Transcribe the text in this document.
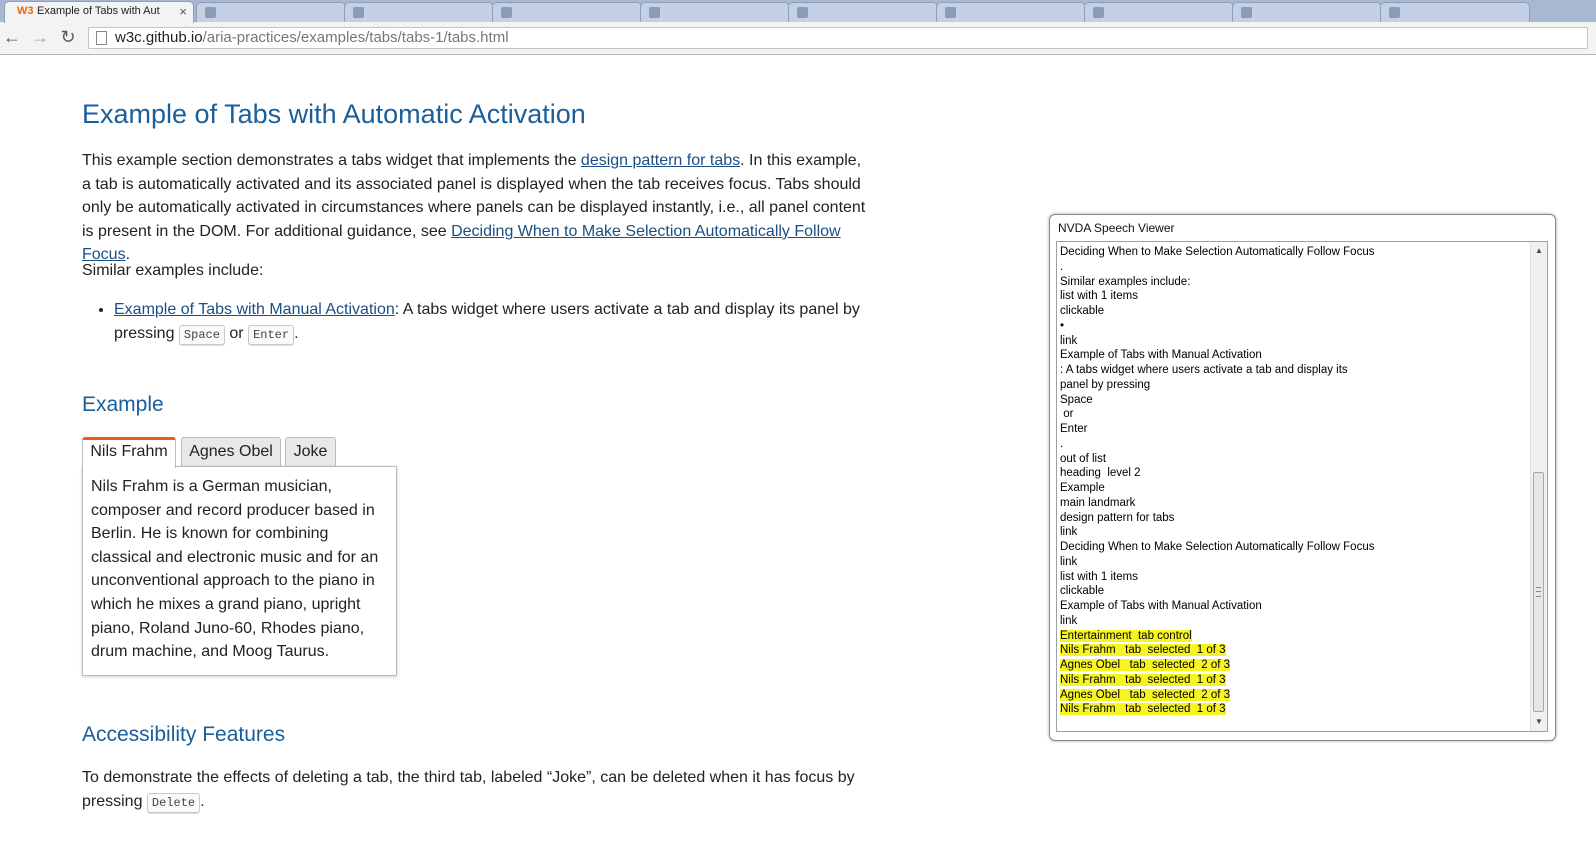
W3 Example of Tabs with Aut ×
← → ↻	w3c.github.io/aria-practices/examples/tabs/tabs-1/tabs.html
Example of Tabs with Automatic Activation

This example section demonstrates a tabs widget that implements the design pattern for tabs. In this example, a tab is automatically activated and its associated panel is displayed when the tab receives focus. Tabs should only be automatically activated in circumstances where panels can be displayed instantly, i.e., all panel content is present in the DOM. For additional guidance, see Deciding When to Make Selection Automatically Follow Focus.

Similar examples include:

• Example of Tabs with Manual Activation: A tabs widget where users activate a tab and display its panel by pressing Space or Enter .
Example
Nils Frahm	Agnes Obel	Joke

Nils Frahm is a German musician, composer and record producer based in Berlin. He is known for combining classical and electronic music and for an unconventional approach to the piano in which he mixes a grand piano, upright piano, Roland Juno-60, Rhodes piano, drum machine, and Moog Taurus.

Accessibility Features

To demonstrate the effects of deleting a tab, the third tab, labeled “Joke”, can be deleted when it has focus by pressing Delete .

NVDA Speech Viewer
Deciding When to Make Selection Automatically Follow Focus
.
Similar examples include:
list with 1 items
clickable
•
link
Example of Tabs with Manual Activation
: A tabs widget where users activate a tab and display its
panel by pressing
Space
or
Enter
.
out of list
heading  level 2
Example
main landmark
design pattern for tabs
link
Deciding When to Make Selection Automatically Follow Focus
link
list with 1 items
clickable
Example of Tabs with Manual Activation
link
Entertainment  tab control
Nils Frahm   tab  selected  1 of 3
Agnes Obel   tab  selected  2 of 3
Nils Frahm   tab  selected  1 of 3
Agnes Obel   tab  selected  2 of 3
Nils Frahm   tab  selected  1 of 3
▲
▼
